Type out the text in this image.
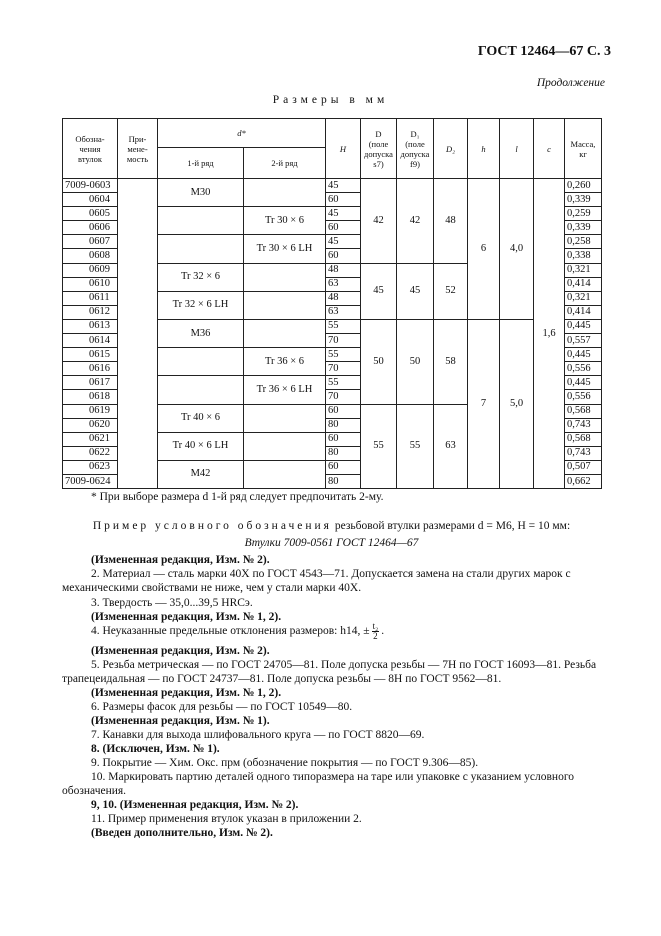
ГОСТ 12464—67 С. 3
Продолжение
Размеры в мм
Обозна-
чения
втулок	При-
мене-
мость	d*		H	D
(поле
допуска
s7)	D₁
(поле
допуска
f9)	D₂	h	l	c	Масса,
кг
		1-й ряд	2-й ряд								
7009-0603		M30		45	42	42	48	6	4,0	1,6	0,260
0604				60							0,339
0605			Tr 30 × 6	45							0,259
0606				60							0,339
0607			Tr 30 × 6 LH	45							0,258
0608				60							0,338
0609		Tr 32 × 6		48	45	45	52				0,321
0610				63							0,414
0611		Tr 32 × 6 LH		48							0,321
0612				63							0,414
0613		M36		55	50	50	58	7	5,0		0,445
0614				70							0,557
0615			Tr 36 × 6	55							0,445
0616				70							0,556
0617			Tr 36 × 6 LH	55							0,445
0618				70							0,556
0619		Tr 40 × 6		60	55	55	63				0,568
0620				80							0,743
0621		Tr 40 × 6 LH		60							0,568
0622				80							0,743
0623		M42		60							0,507
7009-0624				80							0,662
* При выборе размера d 1-й ряд следует предпочитать 2-му.
Пример условного обозначения резьбовой втулки размерами d = M6, H = 10 мм:
Втулки 7009-0561 ГОСТ 12464—67
(Измененная редакция, Изм. № 2).
2. Материал — сталь марки 40Х по ГОСТ 4543—71. Допускается замена на стали других марок с механическими свойствами не ниже, чем у стали марки 40Х.
3. Твердость — 35,0...39,5 HRCэ.
(Измененная редакция, Изм. № 1, 2).
4. Неуказанные предельные отклонения размеров: h14, ± $\frac{\text{t₂}}{2}$ .
(Измененная редакция, Изм. № 2).
5. Резьба метрическая — по ГОСТ 24705—81. Поле допуска резьбы — 7H по ГОСТ 16093—81. Резьба трапецеидальная — по ГОСТ 24737—81. Поле допуска резьбы — 8H по ГОСТ 9562—81.
(Измененная редакция, Изм. № 1, 2).
6. Размеры фасок для резьбы — по ГОСТ 10549—80.
(Измененная редакция, Изм. № 1).
7. Канавки для выхода шлифовального круга — по ГОСТ 8820—69.
8. (Исключен, Изм. № 1).
9. Покрытие — Хим. Окс. прм (обозначение покрытия — по ГОСТ 9.306—85).
10. Маркировать партию деталей одного типоразмера на таре или упаковке с указанием условного обозначения.
9, 10. (Измененная редакция, Изм. № 2).
11. Пример применения втулок указан в приложении 2.
(Введен дополнительно, Изм. № 2).
